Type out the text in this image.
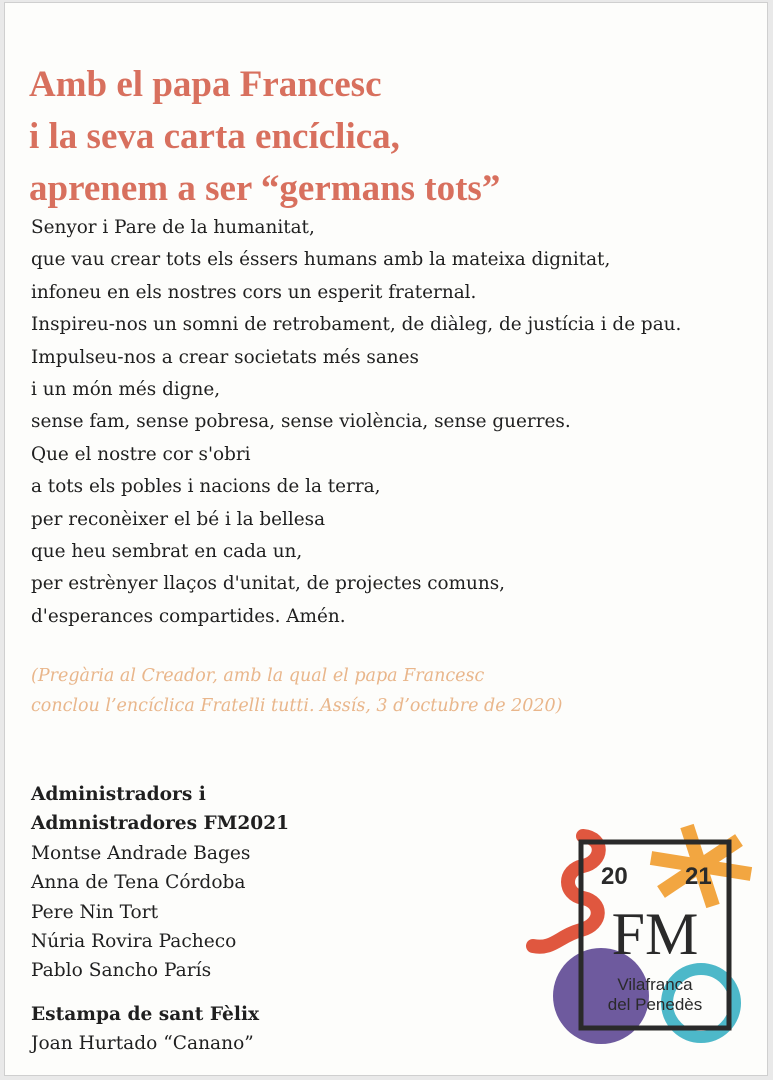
Amb el papa Francesc
i la seva carta encíclica,
aprenem a ser “germans tots”

Senyor i Pare de la humanitat,
que vau crear tots els éssers humans amb la mateixa dignitat,
infoneu en els nostres cors un esperit fraternal.
Inspireu-nos un somni de retrobament, de diàleg, de justícia i de pau.
Impulseu-nos a crear societats més sanes
i un món més digne,
sense fam, sense pobresa, sense violència, sense guerres.
Que el nostre cor s'obri
a tots els pobles i nacions de la terra,
per reconèixer el bé i la bellesa
que heu sembrat en cada un,
per estrènyer llaços d'unitat, de projectes comuns,
d'esperances compartides. Amén.

(Pregària al Creador, amb la qual el papa Francesc
conclou l’encíclica Fratelli tutti. Assís, 3 d’octubre de 2020)

Administradors i
Admnistradores FM2021
Montse Andrade Bages
Anna de Tena Córdoba
Pere Nin Tort
Núria Rovira Pacheco
Pablo Sancho París
Estampa de sant Fèlix
Joan Hurtado “Canano”
20 21
FM
Vilafranca
del Penedès
